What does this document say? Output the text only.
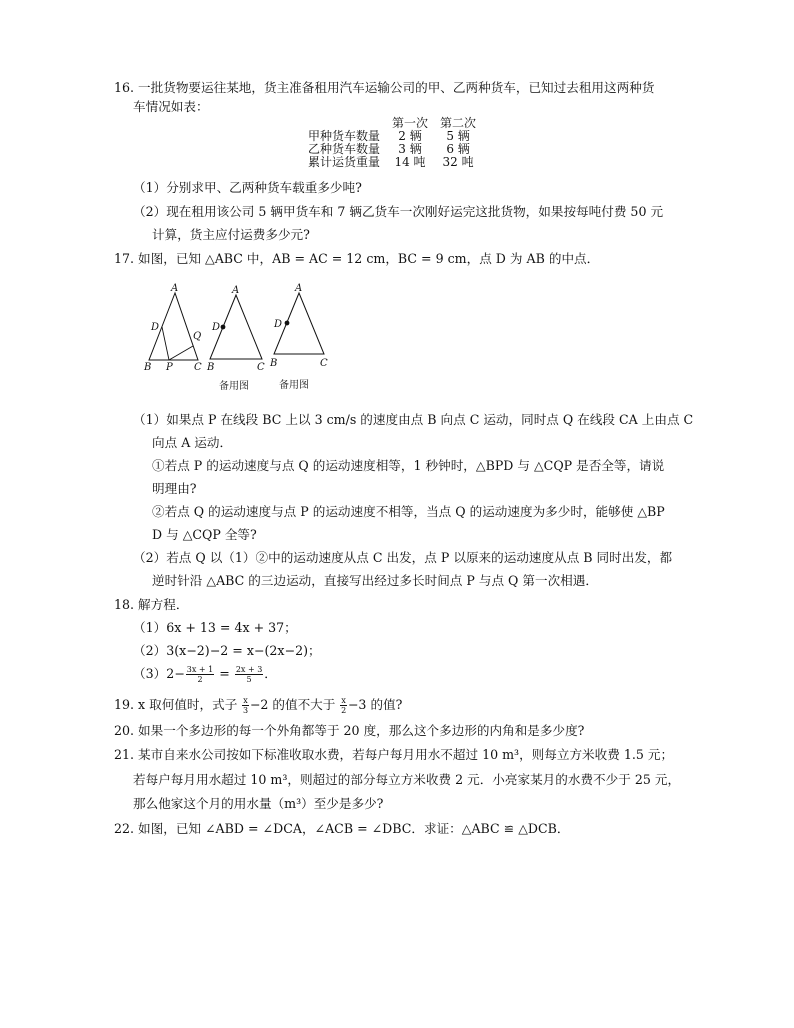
16. 一批货物要运往某地，货主准备租用汽车运输公司的甲、乙两种货车，已知过去租用这两种货
车情况如表：
	第一次	第二次
甲种货车数量	2 辆	5 辆
乙种货车数量	3 辆	6 辆
累计运货重量	14 吨	32 吨
（1）分别求甲、乙两种货车载重多少吨?
（2）现在租用该公司 5 辆甲货车和 7 辆乙货车一次刚好运完这批货物，如果按每吨付费 50 元
计算，货主应付运费多少元?
17. 如图，已知 △ABC 中，AB = AC = 12 cm，BC = 9 cm，点 D 为 AB 的中点．
A
D
Q
B P C
A
D
B	C
备用图
A
D
B	C
备用图
（1）如果点 P 在线段 BC 上以 3 cm/s 的速度由点 B 向点 C 运动，同时点 Q 在线段 CA 上由点 C
向点 A 运动．
①若点 P 的运动速度与点 Q 的运动速度相等，1 秒钟时，△BPD 与 △CQP 是否全等，请说
明理由?
②若点 Q 的运动速度与点 P 的运动速度不相等，当点 Q 的运动速度为多少时，能够使 △BP
D 与 △CQP 全等?
（2）若点 Q 以（1）②中的运动速度从点 C 出发，点 P 以原来的运动速度从点 B 同时出发，都
逆时针沿 △ABC 的三边运动，直接写出经过多长时间点 P 与点 Q 第一次相遇．
18. 解方程．
（1）6x + 13 = 4x + 37；
（2）3(x−2)−2 = x−(2x−2)；
$(3)2- \frac{3x + 1}{2} = \frac{2x + 3}{5}$ ．
19. x 取何值时，式子 $\frac{x}{3} -2$ 的值不大于 $\frac{x}{2} -3$ 的值?
20. 如果一个多边形的每一个外角都等于 20 度，那么这个多边形的内角和是多少度?
21. 某市自来水公司按如下标准收取水费，若每户每月用水不超过 10 m³，则每立方米收费 1.5 元；
若每户每月用水超过 10 m³，则超过的部分每立方米收费 2 元．小亮家某月的水费不少于 25 元，
那么他家这个月的用水量（m³）至少是多少?
22. 如图，已知 ∠ABD = ∠DCA，∠ACB = ∠DBC．求证：△ABC ≌ △DCB．
